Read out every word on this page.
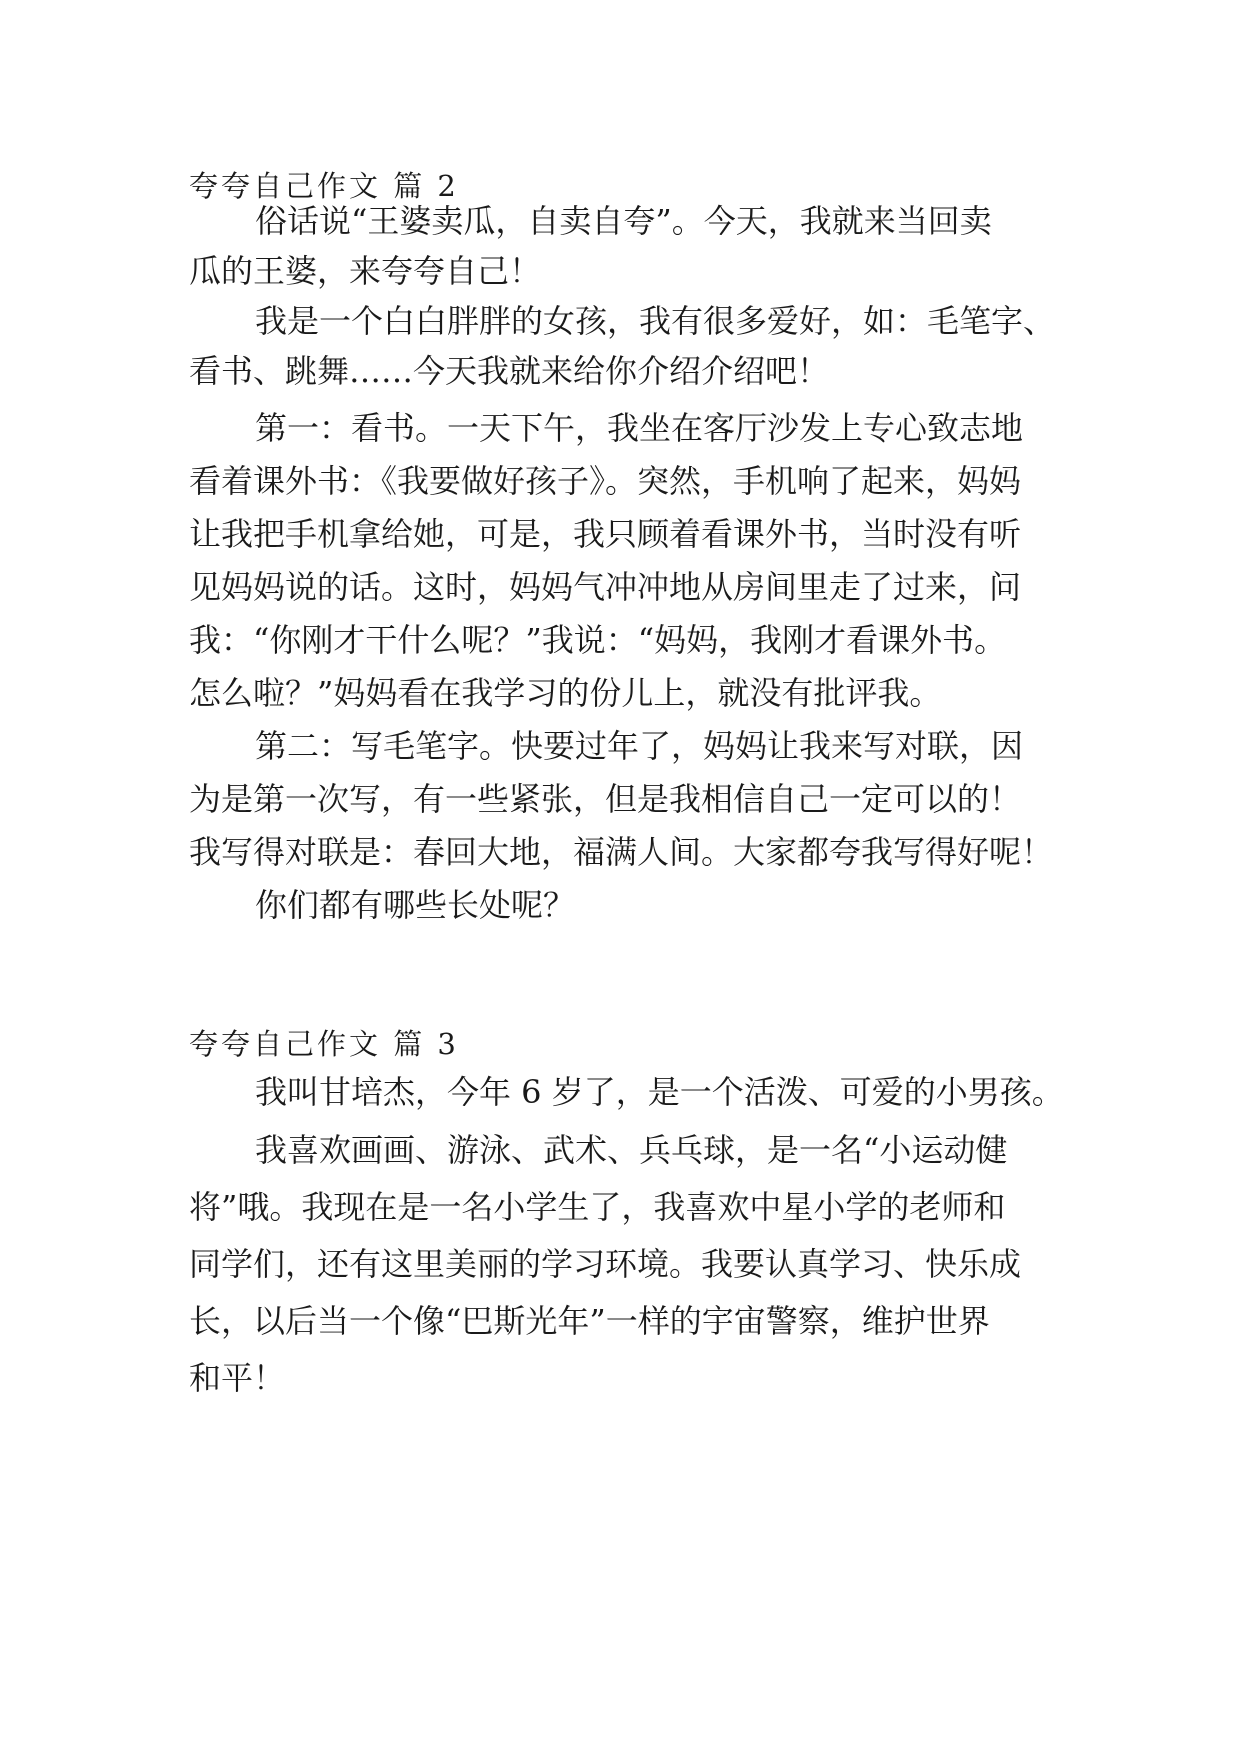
夸夸自己作文 篇 2
俗话说“王婆卖瓜，自卖自夸”。今天，我就来当回卖
瓜的王婆，来夸夸自己！
我是一个白白胖胖的女孩，我有很多爱好，如：毛笔字、
看书、跳舞……今天我就来给你介绍介绍吧！
第一：看书。一天下午，我坐在客厅沙发上专心致志地
看着课外书：《我要做好孩子》。突然，手机响了起来，妈妈
让我把手机拿给她，可是，我只顾着看课外书，当时没有听
见妈妈说的话。这时，妈妈气冲冲地从房间里走了过来，问
我：“你刚才干什么呢？”我说：“妈妈，我刚才看课外书。
怎么啦？”妈妈看在我学习的份儿上，就没有批评我。
第二：写毛笔字。快要过年了，妈妈让我来写对联，因
为是第一次写，有一些紧张，但是我相信自己一定可以的！
我写得对联是：春回大地，福满人间。大家都夸我写得好呢！
你们都有哪些长处呢？
夸夸自己作文 篇 3
我叫甘培杰，今年 6 岁了，是一个活泼、可爱的小男孩。
我喜欢画画、游泳、武术、兵乓球，是一名“小运动健
将”哦。我现在是一名小学生了，我喜欢中星小学的老师和
同学们，还有这里美丽的学习环境。我要认真学习、快乐成
长，以后当一个像“巴斯光年”一样的宇宙警察，维护世界
和平！
